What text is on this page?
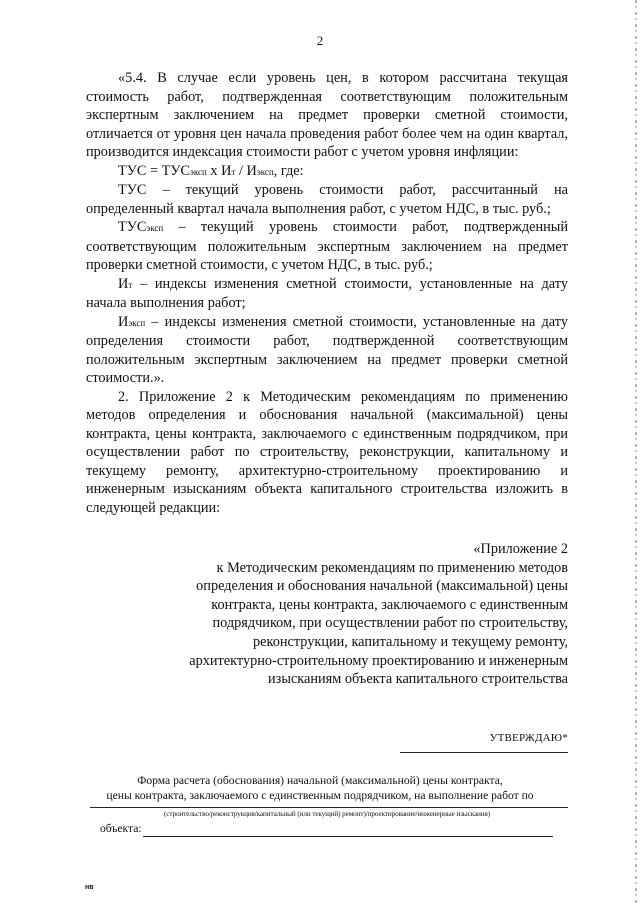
2

«5.4. В случае если уровень цен, в котором рассчитана текущая стоимость работ, подтвержденная соответствующим положительным экспертным заключением на предмет проверки сметной стоимости, отличается от уровня цен начала проведения работ более чем на один квартал, производится индексация стоимости работ с учетом уровня инфляции:

ТУС = ТУСэксп х Ит / Иэксп, где:

ТУС – текущий уровень стоимости работ, рассчитанный на определенный квартал начала выполнения работ, с учетом НДС, в тыс. руб.;

ТУСэксп – текущий уровень стоимости работ, подтвержденный соответствующим положительным экспертным заключением на предмет проверки сметной стоимости, с учетом НДС, в тыс. руб.;

Ит – индексы изменения сметной стоимости, установленные на дату начала выполнения работ;

Иэксп – индексы изменения сметной стоимости, установленные на дату определения стоимости работ, подтвержденной соответствующим положительным экспертным заключением на предмет проверки сметной стоимости.».

2. Приложение 2 к Методическим рекомендациям по применению методов определения и обоснования начальной (максимальной) цены контракта, цены контракта, заключаемого с единственным подрядчиком, при осуществлении работ по строительству, реконструкции, капитальному и текущему ремонту, архитектурно-строительному проектированию и инженерным изысканиям объекта капитального строительства изложить в следующей редакции:

«Приложение 2
к Методическим рекомендациям по применению методов
определения и обоснования начальной (максимальной) цены
контракта, цены контракта, заключаемого с единственным
подрядчиком, при осуществлении работ по строительству,
реконструкции, капитальному и текущему ремонту,
архитектурно-строительному проектированию и инженерным
изысканиям объекта капитального строительства
УТВЕРЖДАЮ*
Форма расчета (обоснования) начальной (максимальной) цены контракта,
цены контракта, заключаемого с единственным подрядчиком, на выполнение работ по
(строительство/реконструкция/капитальный (или текущий) ремонт)/проектирование/инженерные изыскания)
объекта:
нв
